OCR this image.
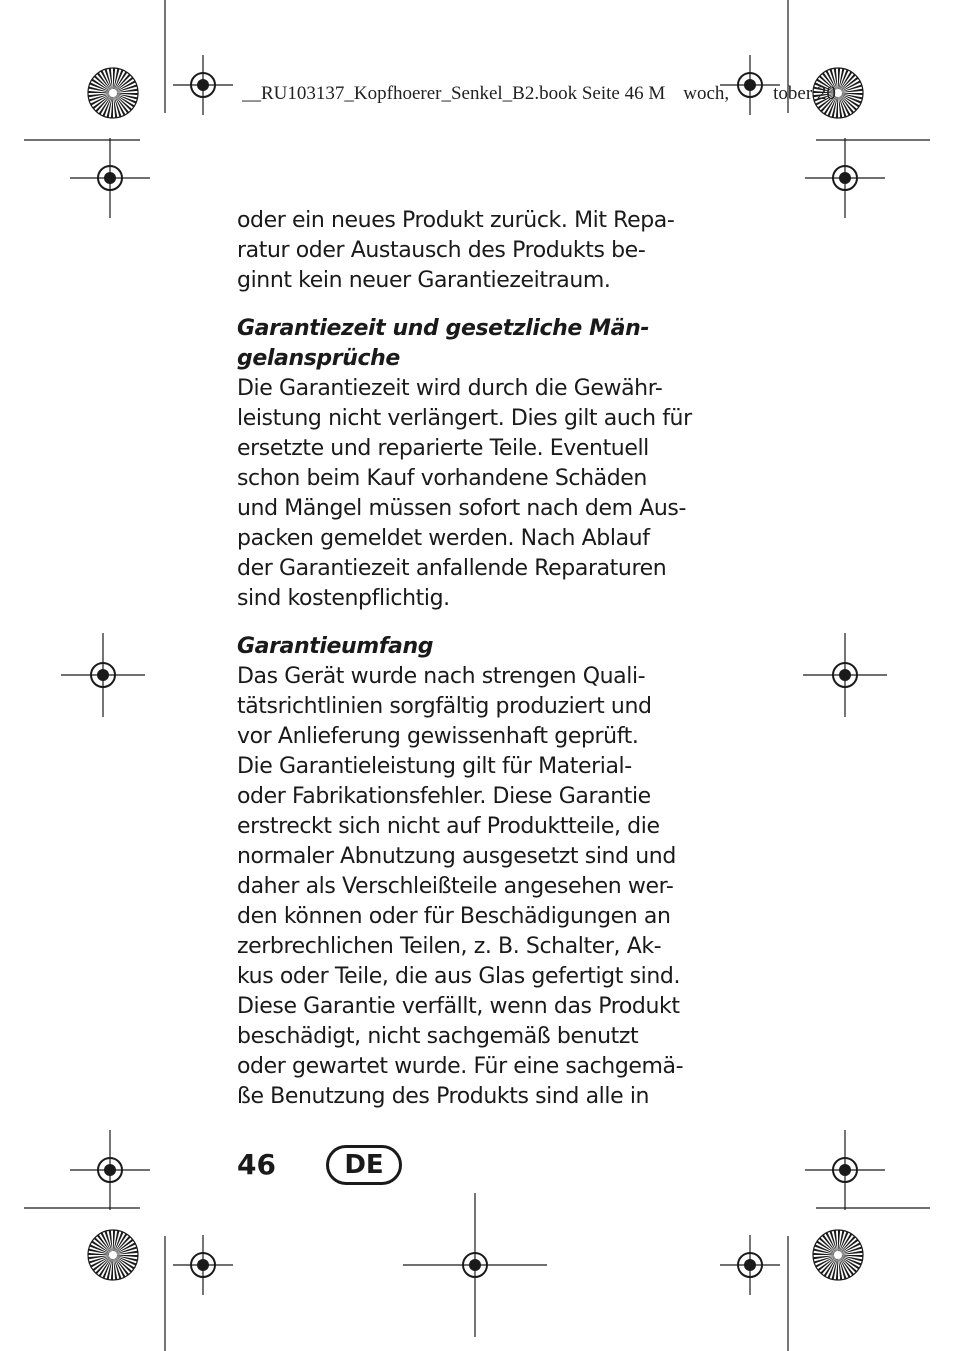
__RU103137_Kopfhoerer_Senkel_B2.book Seite 46 M woch, tober 20

oder ein neues Produkt zurück. Mit Repa-

ratur oder Austausch des Produkts be-

ginnt kein neuer Garantiezeitraum.

Garantiezeit und gesetzliche Män-

gelansprüche

Die Garantiezeit wird durch die Gewähr-

leistung nicht verlängert. Dies gilt auch für

ersetzte und reparierte Teile. Eventuell

schon beim Kauf vorhandene Schäden

und Mängel müssen sofort nach dem Aus-

packen gemeldet werden. Nach Ablauf

der Garantiezeit anfallende Reparaturen

sind kostenpflichtig.

Garantieumfang

Das Gerät wurde nach strengen Quali-

tätsrichtlinien sorgfältig produziert und

vor Anlieferung gewissenhaft geprüft.

Die Garantieleistung gilt für Material-

oder Fabrikationsfehler. Diese Garantie

erstreckt sich nicht auf Produktteile, die

normaler Abnutzung ausgesetzt sind und

daher als Verschleißteile angesehen wer-

den können oder für Beschädigungen an

zerbrechlichen Teilen, z. B. Schalter, Ak-

kus oder Teile, die aus Glas gefertigt sind.

Diese Garantie verfällt, wenn das Produkt

beschädigt, nicht sachgemäß benutzt

oder gewartet wurde. Für eine sachgemä-

ße Benutzung des Produkts sind alle in

46	DE
